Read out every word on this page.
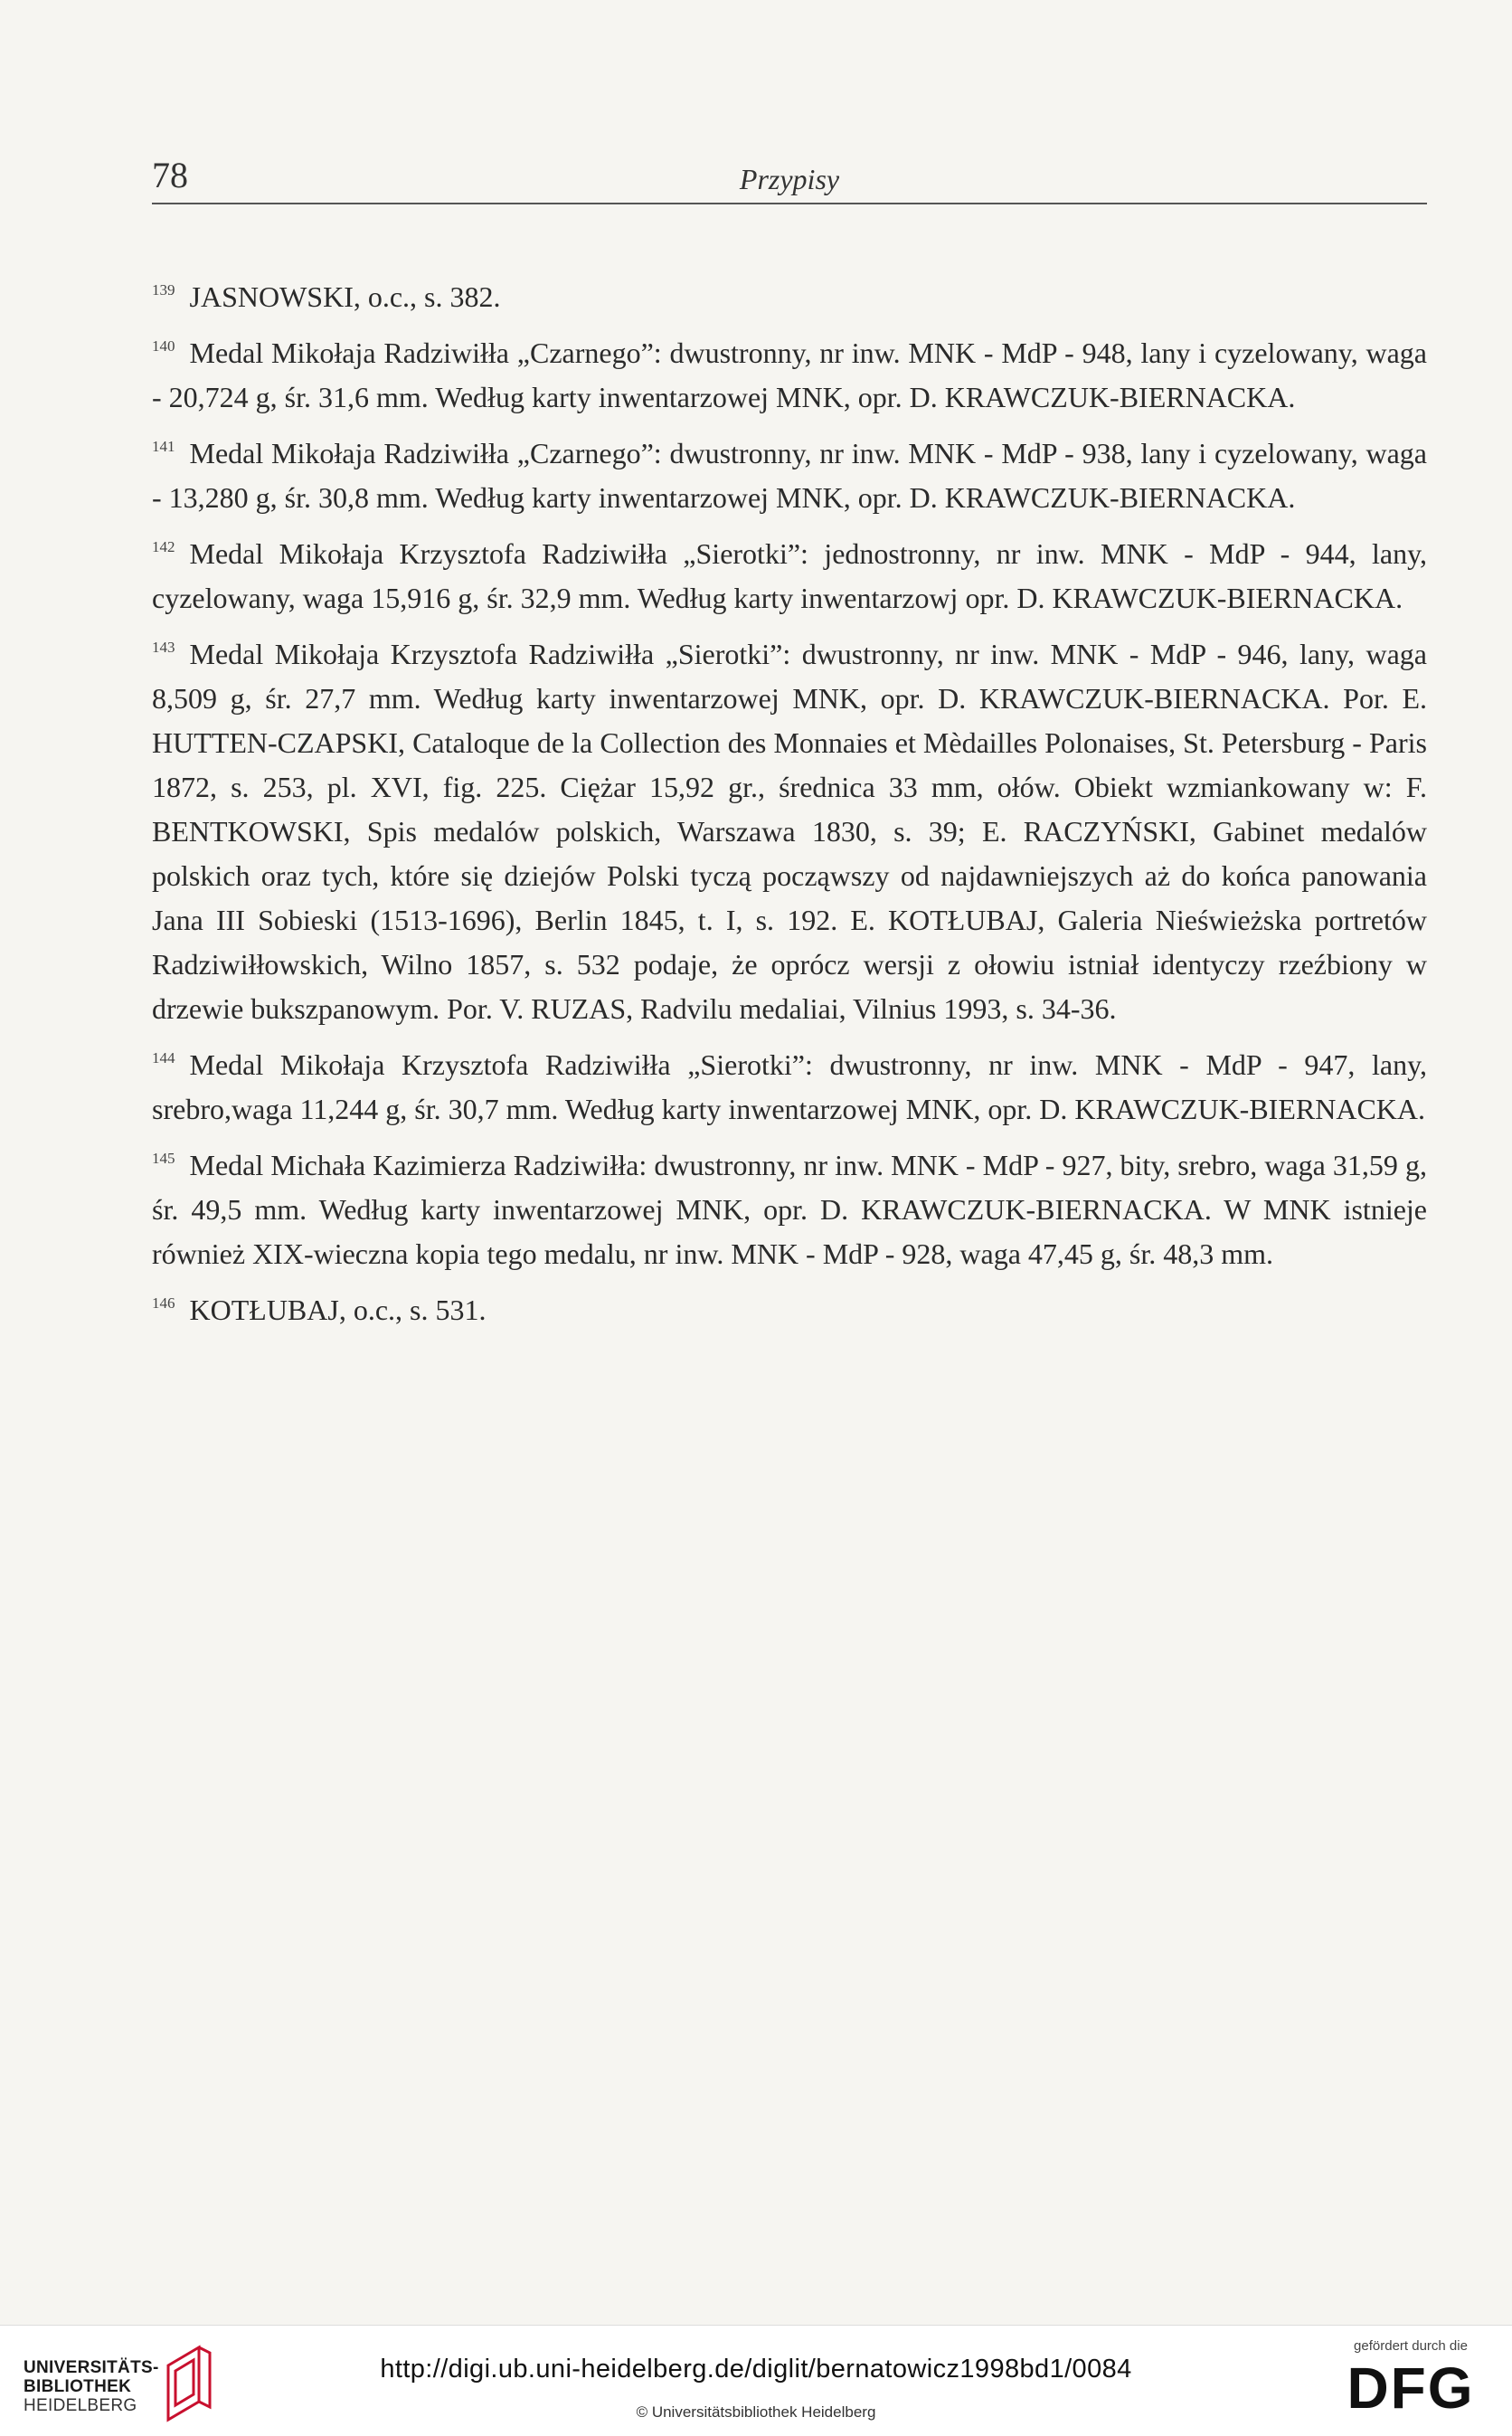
78	Przypisy

$^{139}$ JASNOWSKI, o.c., s. 382.

$^{140}$ Medal Mikołaja Radziwiłła „Czarnego”: dwustronny, nr inw. MNK - MdP - 948, lany i cyzelowany, waga - 20,724 g, śr. 31,6 mm. Według karty inwentarzowej MNK, opr. D. KRAWCZUK-BIERNACKA.

$^{141}$ Medal Mikołaja Radziwiłła „Czarnego”: dwustronny, nr inw. MNK - MdP - 938, lany i cyzelowany, waga - 13,280 g, śr. 30,8 mm. Według karty inwentarzowej MNK, opr. D. KRAWCZUK-BIERNACKA.

$^{142}$ Medal Mikołaja Krzysztofa Radziwiłła „Sierotki”: jednostronny, nr inw. MNK - MdP - 944, lany, cyzelowany, waga 15,916 g, śr. 32,9 mm. Według karty inwentarzowj opr. D. KRAWCZUK-BIERNACKA.

$^{143}$ Medal Mikołaja Krzysztofa Radziwiłła „Sierotki”: dwustronny, nr inw. MNK - MdP - 946, lany, waga 8,509 g, śr. 27,7 mm. Według karty inwentarzowej MNK, opr. D. KRAWCZUK-BIERNACKA. Por. E. HUTTEN-CZAPSKI, Cataloque de la Collection des Monnaies et Mèdailles Polonaises, St. Petersburg - Paris 1872, s. 253, pl. XVI, fig. 225. Ciężar 15,92 gr., średnica 33 mm, ołów. Obiekt wzmiankowany w: F. BENTKOWSKI, Spis medalów polskich, Warszawa 1830, s. 39; E. RACZYŃSKI, Gabinet medalów polskich oraz tych, które się dziejów Polski tyczą począwszy od najdawniejszych aż do końca panowania Jana III Sobieski (1513-1696), Berlin 1845, t. I, s. 192. E. KOTŁUBAJ, Galeria Nieświeżska portretów Radziwiłłowskich, Wilno 1857, s. 532 podaje, że oprócz wersji z ołowiu istniał identyczy rzeźbiony w drzewie bukszpanowym. Por. V. RUZAS, Radvilu medaliai, Vilnius 1993, s. 34-36.

$^{144}$ Medal Mikołaja Krzysztofa Radziwiłła „Sierotki”: dwustronny, nr inw. MNK - MdP - 947, lany, srebro,waga 11,244 g, śr. 30,7 mm. Według karty inwentarzowej MNK, opr. D. KRAWCZUK-BIERNACKA.

$^{145}$ Medal Michała Kazimierza Radziwiłła: dwustronny, nr inw. MNK - MdP - 927, bity, srebro, waga 31,59 g, śr. 49,5 mm. Według karty inwentarzowej MNK, opr. D. KRAWCZUK-BIERNACKA. W MNK istnieje również XIX-wieczna kopia tego medalu, nr inw. MNK - MdP - 928, waga 47,45 g, śr. 48,3 mm.

$^{146}$ KOTŁUBAJ, o.c., s. 531.

UNIVERSITÄTS-
BIBLIOTHEK
HEIDELBERG
http://digi.ub.uni-heidelberg.de/diglit/bernatowicz1998bd1/0084
© Universitätsbibliothek Heidelberg
gefördert durch die
DFG
